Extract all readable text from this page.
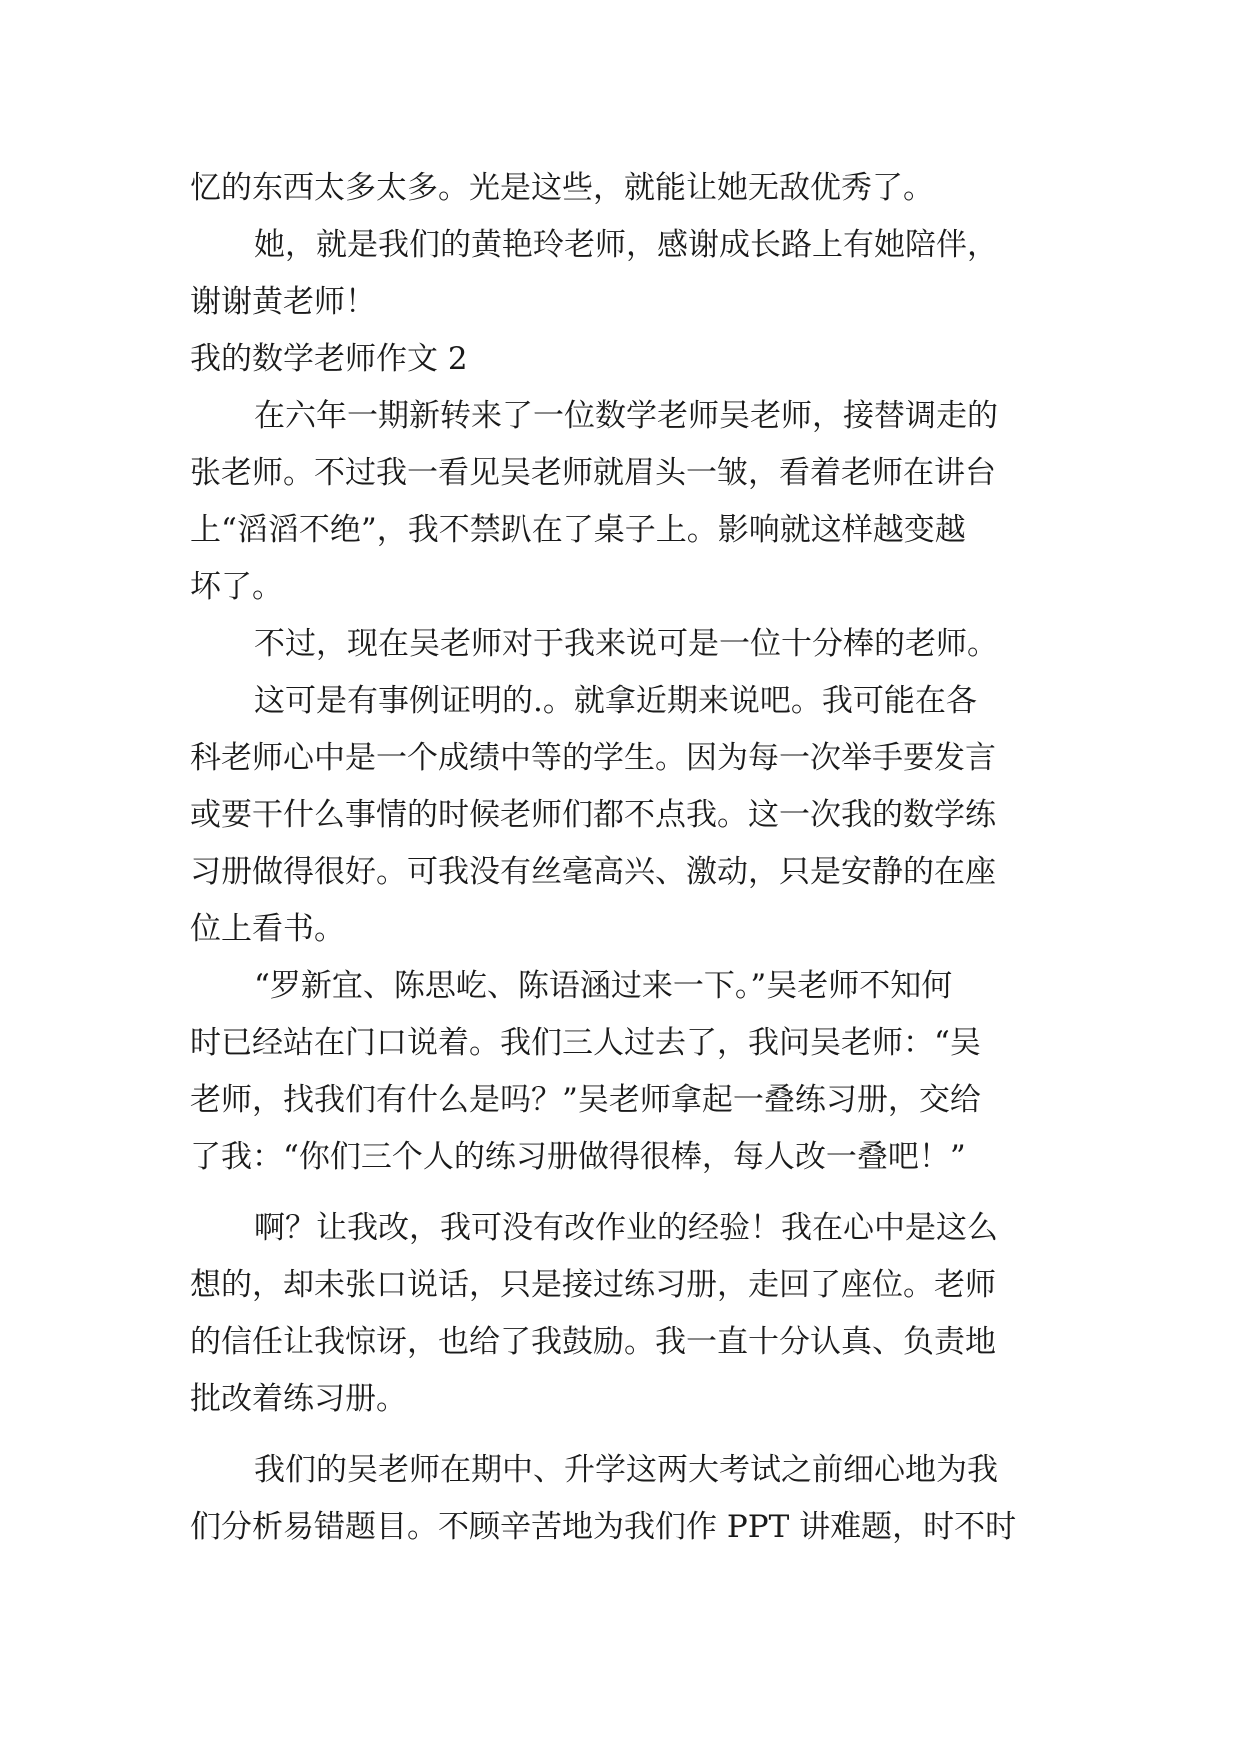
忆的东西太多太多。光是这些，就能让她无敌优秀了。

她，就是我们的黄艳玲老师，感谢成长路上有她陪伴，

谢谢黄老师！

我的数学老师作文 2

在六年一期新转来了一位数学老师吴老师，接替调走的

张老师。不过我一看见吴老师就眉头一皱，看着老师在讲台

上“滔滔不绝”，我不禁趴在了桌子上。影响就这样越变越

坏了。

不过，现在吴老师对于我来说可是一位十分棒的老师。

这可是有事例证明的.。就拿近期来说吧。我可能在各

科老师心中是一个成绩中等的学生。因为每一次举手要发言

或要干什么事情的时候老师们都不点我。这一次我的数学练

习册做得很好。可我没有丝毫高兴、激动，只是安静的在座

位上看书。

“罗新宜、陈思屹、陈语涵过来一下。”吴老师不知何

时已经站在门口说着。我们三人过去了，我问吴老师：“吴

老师，找我们有什么是吗？”吴老师拿起一叠练习册，交给

了我：“你们三个人的练习册做得很棒，每人改一叠吧！”

啊？让我改，我可没有改作业的经验！我在心中是这么

想的，却未张口说话，只是接过练习册，走回了座位。老师

的信任让我惊讶，也给了我鼓励。我一直十分认真、负责地

批改着练习册。

我们的吴老师在期中、升学这两大考试之前细心地为我

们分析易错题目。不顾辛苦地为我们作 PPT 讲难题，时不时
